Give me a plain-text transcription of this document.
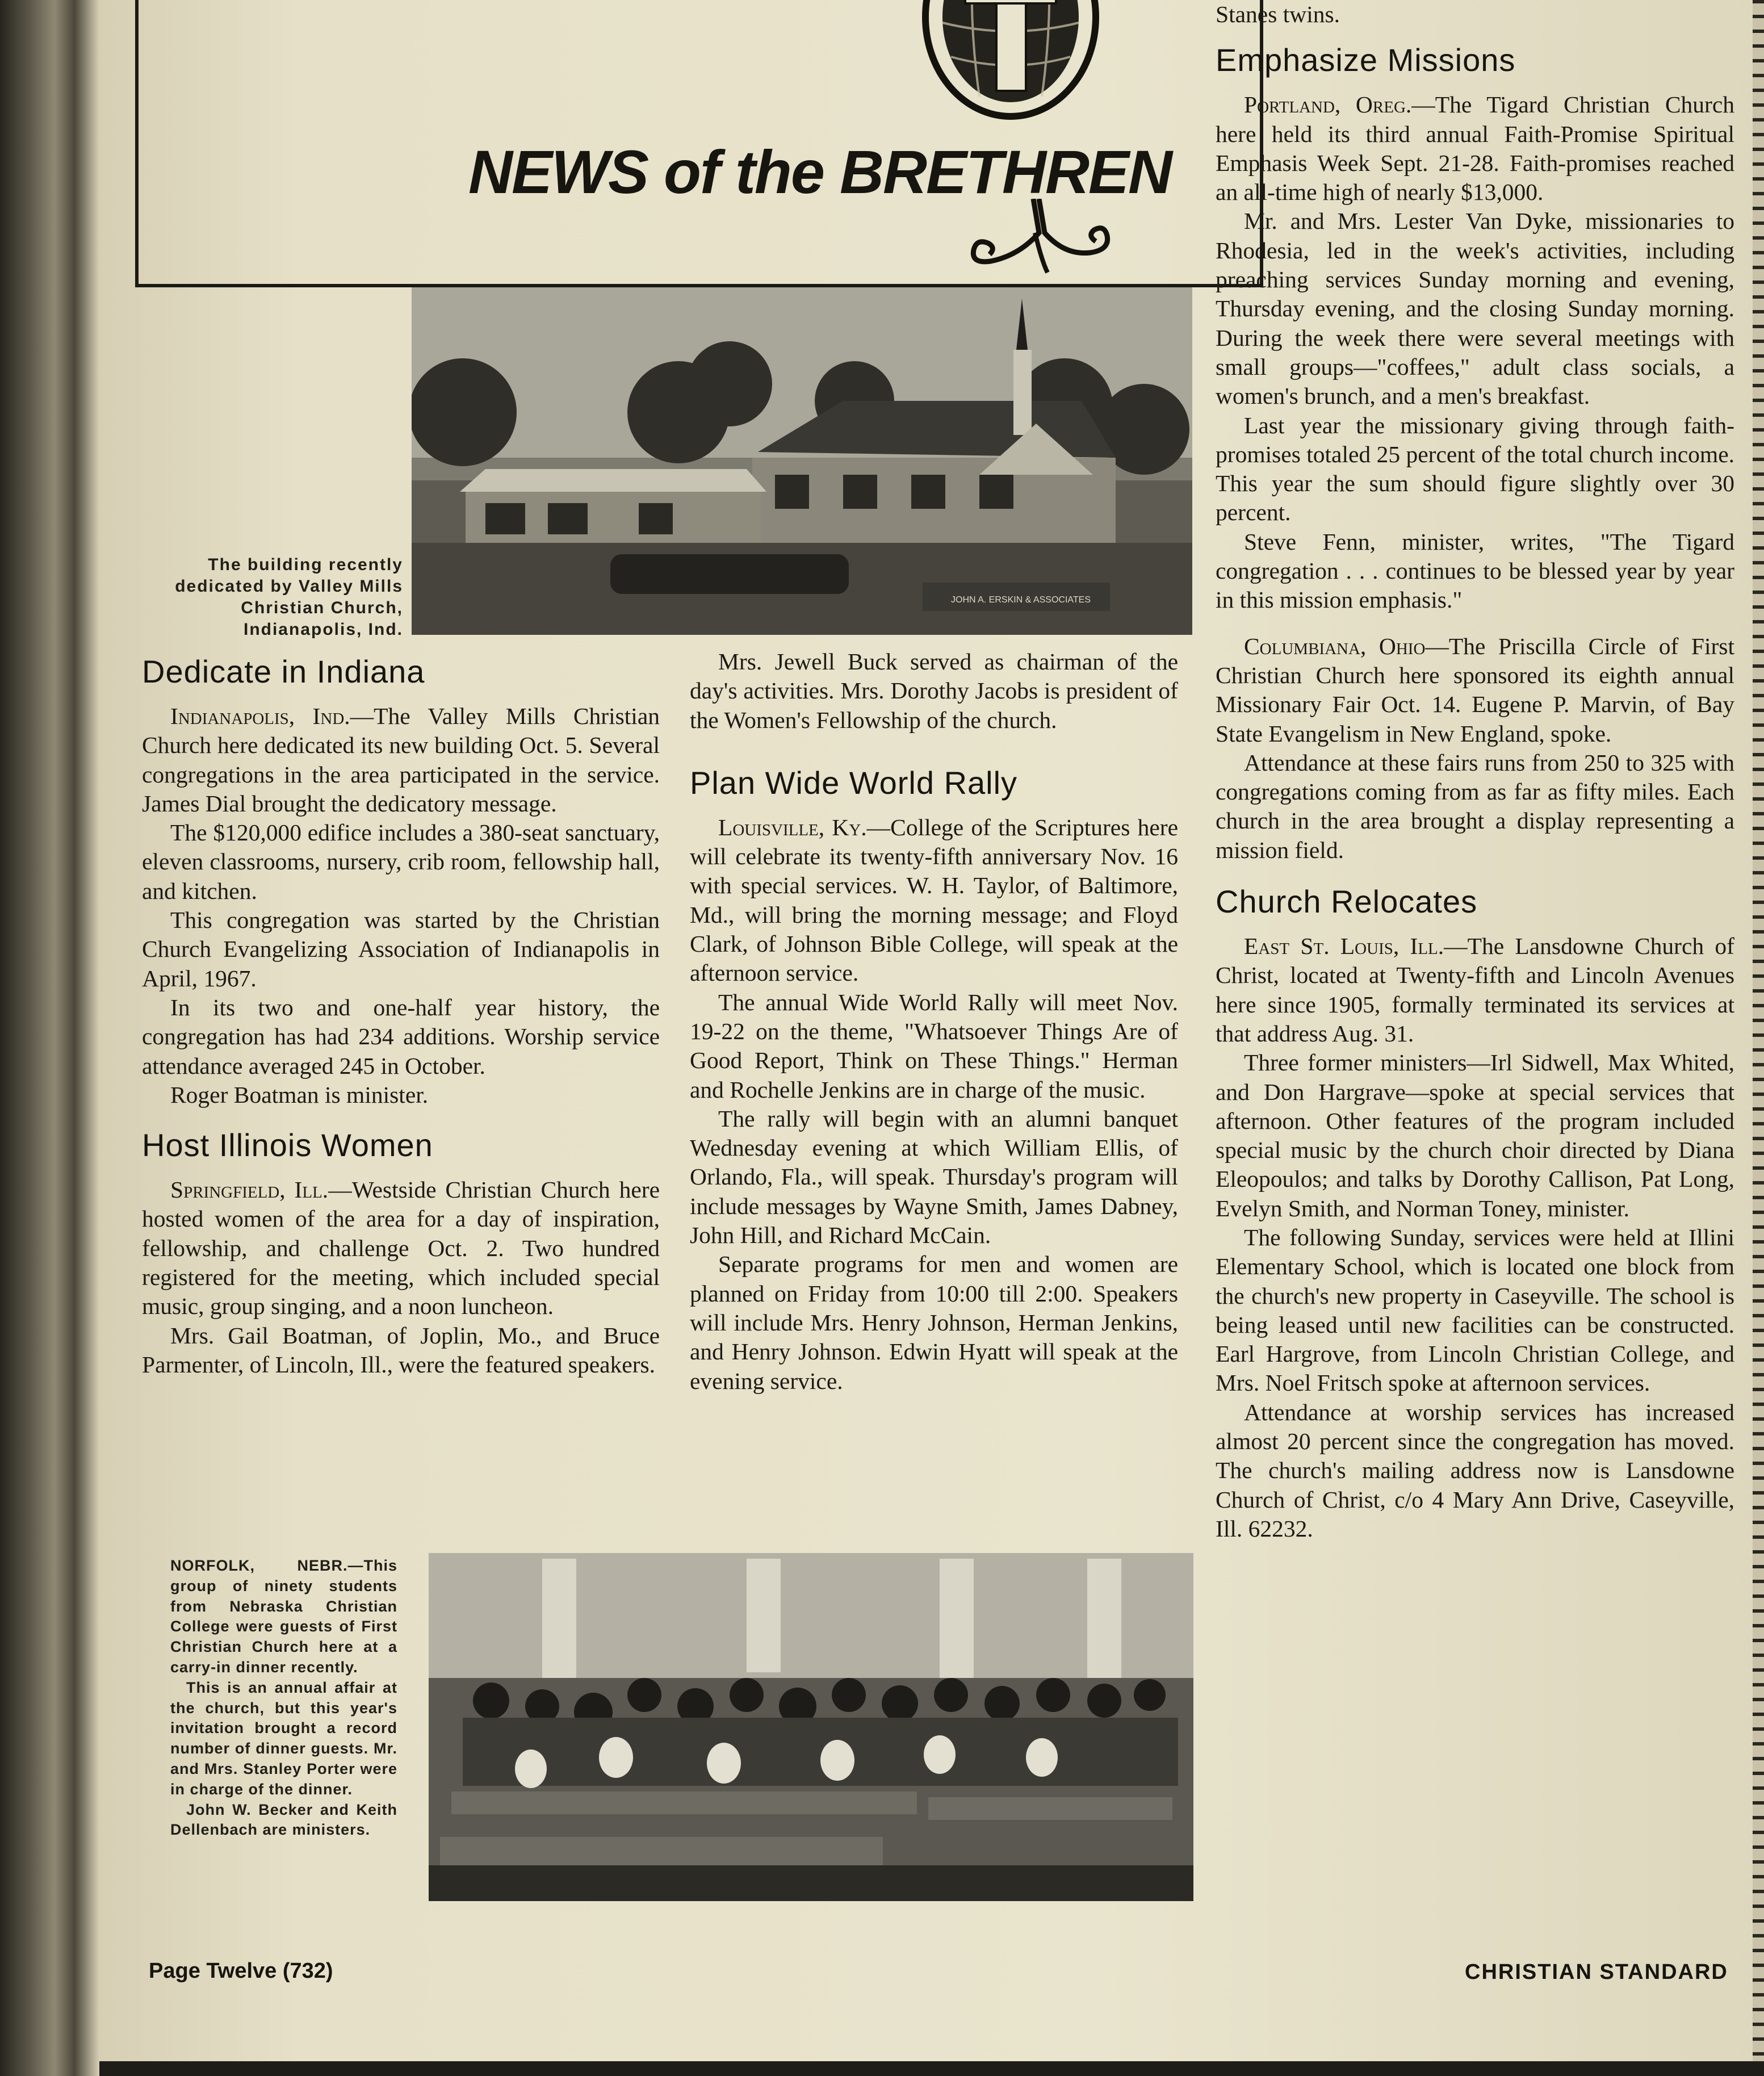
NEWS of the BRETHREN
JOHN A. ERSKIN & ASSOCIATES
The building recently dedicated by Valley Mills Christian Church, Indianapolis, Ind.

NORFOLK, NEBR.—This group of ninety students from Nebraska Christian College were guests of First Christian Church here at a carry-in dinner recently.

This is an annual affair at the church, but this year's invitation brought a record number of dinner guests. Mr. and Mrs. Stanley Porter were in charge of the dinner.

John W. Becker and Keith Dellenbach are ministers.

Dedicate in Indiana

Indianapolis, Ind.—The Valley Mills Christian Church here dedicated its new building Oct. 5. Several congregations in the area participated in the service. James Dial brought the dedicatory message.

The $120,000 edifice includes a 380-seat sanctuary, eleven classrooms, nursery, crib room, fellowship hall, and kitchen.

This congregation was started by the Christian Church Evangelizing Association of Indianapolis in April, 1967.

In its two and one-half year history, the congregation has had 234 additions. Worship service attendance averaged 245 in October.

Roger Boatman is minister.

Host Illinois Women

Springfield, Ill.—Westside Christian Church here hosted women of the area for a day of inspiration, fellowship, and challenge Oct. 2. Two hundred registered for the meeting, which included special music, group singing, and a noon luncheon.

Mrs. Gail Boatman, of Joplin, Mo., and Bruce Parmenter, of Lincoln, Ill., were the featured speakers.

Mrs. Jewell Buck served as chairman of the day's activities. Mrs. Dorothy Jacobs is president of the Women's Fellowship of the church.

Plan Wide World Rally

Louisville, Ky.—College of the Scriptures here will celebrate its twenty-fifth anniversary Nov. 16 with special services. W. H. Taylor, of Baltimore, Md., will bring the morning message; and Floyd Clark, of Johnson Bible College, will speak at the afternoon service.

The annual Wide World Rally will meet Nov. 19-22 on the theme, "Whatsoever Things Are of Good Report, Think on These Things." Herman and Rochelle Jenkins are in charge of the music.

The rally will begin with an alumni banquet Wednesday evening at which William Ellis, of Orlando, Fla., will speak. Thursday's program will include messages by Wayne Smith, James Dabney, John Hill, and Richard McCain.

Separate programs for men and women are planned on Friday from 10:00 till 2:00. Speakers will include Mrs. Henry Johnson, Herman Jenkins, and Henry Johnson. Edwin Hyatt will speak at the evening service.

Stanes twins.

Emphasize Missions

Portland, Oreg.—The Tigard Christian Church here held its third annual Faith-Promise Spiritual Emphasis Week Sept. 21-28. Faith-promises reached an all-time high of nearly $13,000.

Mr. and Mrs. Lester Van Dyke, missionaries to Rhodesia, led in the week's activities, including preaching services Sunday morning and evening, Thursday evening, and the closing Sunday morning. During the week there were several meetings with small groups—"coffees," adult class socials, a women's brunch, and a men's breakfast.

Last year the missionary giving through faith-promises totaled 25 percent of the total church income. This year the sum should figure slightly over 30 percent.

Steve Fenn, minister, writes, "The Tigard congregation . . . continues to be blessed year by year in this mission emphasis."

Columbiana, Ohio—The Priscilla Circle of First Christian Church here sponsored its eighth annual Missionary Fair Oct. 14. Eugene P. Marvin, of Bay State Evangelism in New England, spoke.

Attendance at these fairs runs from 250 to 325 with congregations coming from as far as fifty miles. Each church in the area brought a display representing a mission field.

Church Relocates

East St. Louis, Ill.—The Lansdowne Church of Christ, located at Twenty-fifth and Lincoln Avenues here since 1905, formally terminated its services at that address Aug. 31.

Three former ministers—Irl Sidwell, Max Whited, and Don Hargrave—spoke at special services that afternoon. Other features of the program included special music by the church choir directed by Diana Eleopoulos; and talks by Dorothy Callison, Pat Long, Evelyn Smith, and Norman Toney, minister.

The following Sunday, services were held at Illini Elementary School, which is located one block from the church's new property in Caseyville. The school is being leased until new facilities can be constructed. Earl Hargrove, from Lincoln Christian College, and Mrs. Noel Fritsch spoke at afternoon services.

Attendance at worship services has increased almost 20 percent since the congregation has moved. The church's mailing address now is Lansdowne Church of Christ, c/o 4 Mary Ann Drive, Caseyville, Ill. 62232.

Page Twelve (732)	CHRISTIAN STANDARD
